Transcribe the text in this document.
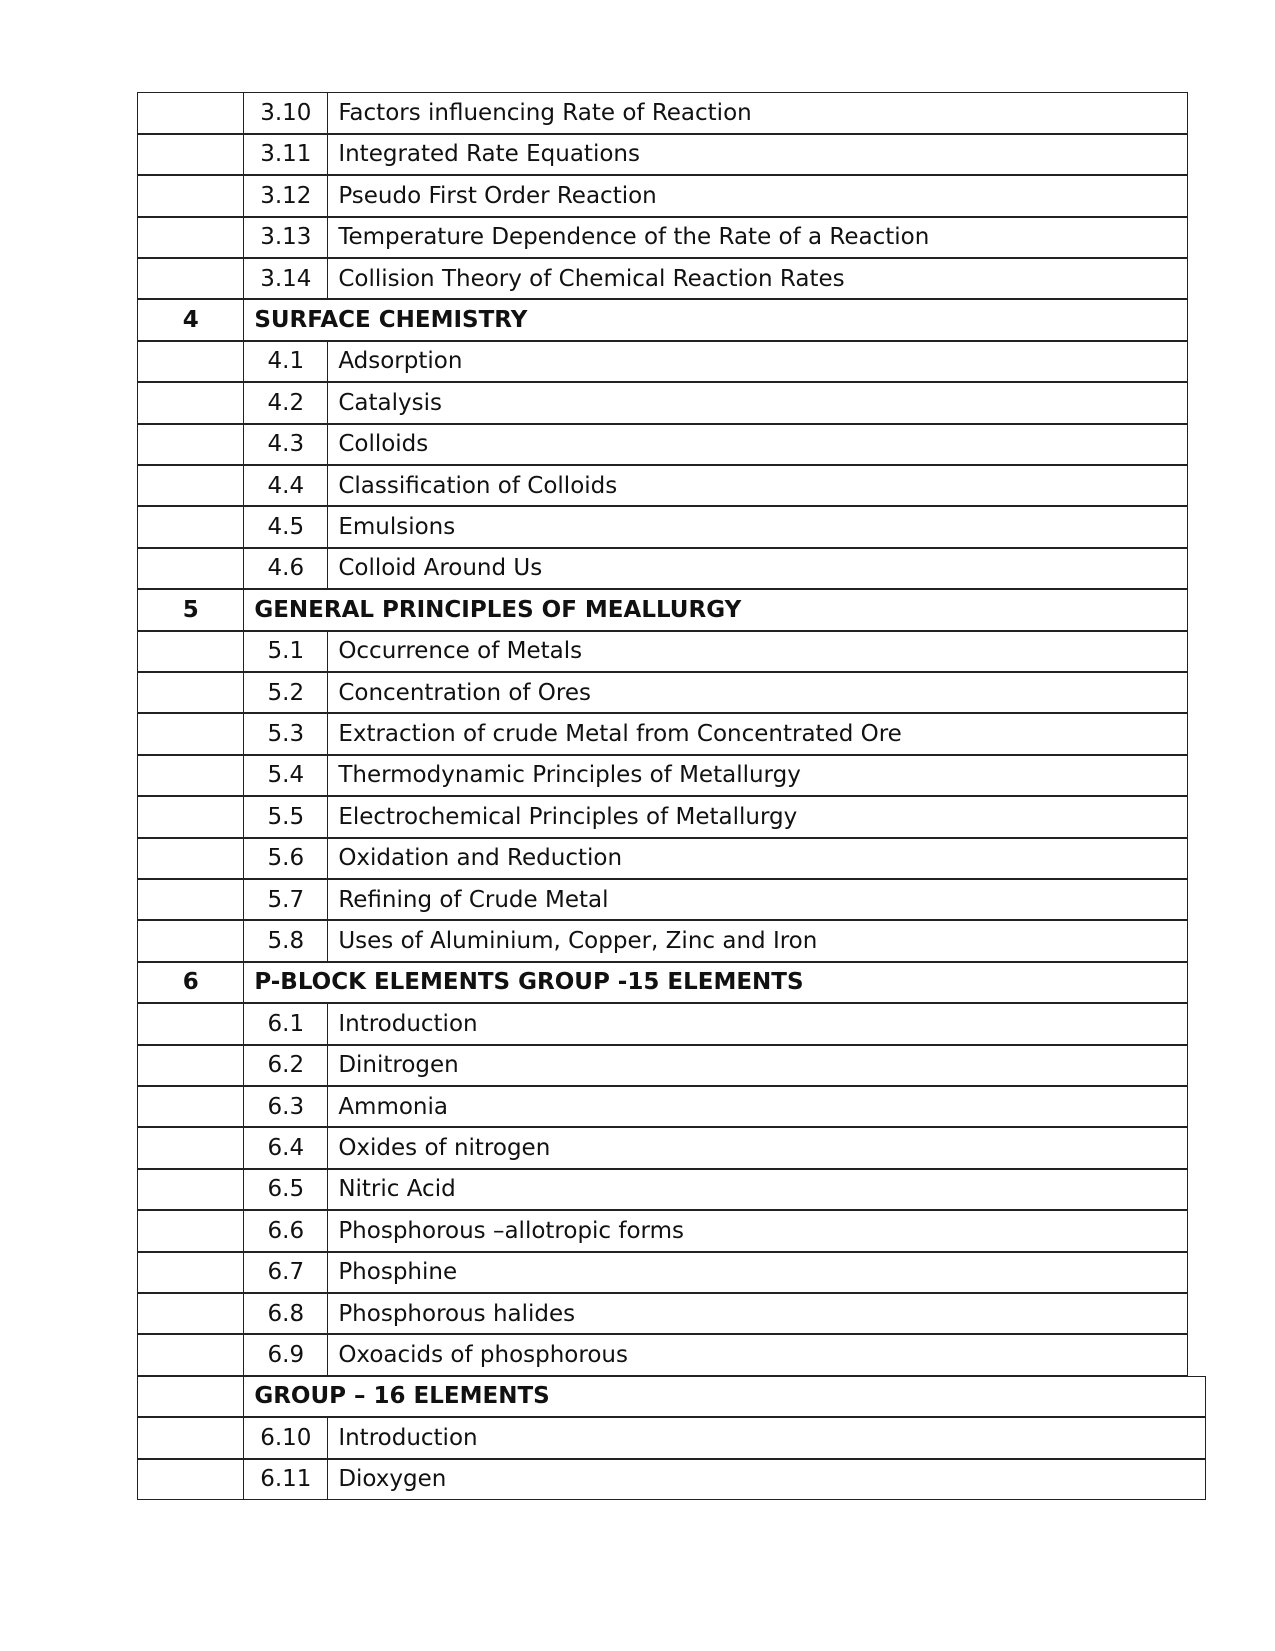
3.10	Factors influencing Rate of Reaction
3.11	Integrated Rate Equations
3.12	Pseudo First Order Reaction
3.13	Temperature Dependence of the Rate of a Reaction
3.14	Collision Theory of Chemical Reaction Rates
4	SURFACE CHEMISTRY
4.1	Adsorption
4.2	Catalysis
4.3	Colloids
4.4	Classification of Colloids
4.5	Emulsions
4.6	Colloid Around Us
5	GENERAL PRINCIPLES OF MEALLURGY
5.1	Occurrence of Metals
5.2	Concentration of Ores
5.3	Extraction of crude Metal from Concentrated Ore
5.4	Thermodynamic Principles of Metallurgy
5.5	Electrochemical Principles of Metallurgy
5.6	Oxidation and Reduction
5.7	Refining of Crude Metal
5.8	Uses of Aluminium, Copper, Zinc and Iron
6	P-BLOCK ELEMENTS GROUP -15 ELEMENTS
6.1	Introduction
6.2	Dinitrogen
6.3	Ammonia
6.4	Oxides of nitrogen
6.5	Nitric Acid
6.6	Phosphorous –allotropic forms
6.7	Phosphine
6.8	Phosphorous halides
6.9	Oxoacids of phosphorous
GROUP – 16 ELEMENTS
6.10	Introduction
6.11	Dioxygen
